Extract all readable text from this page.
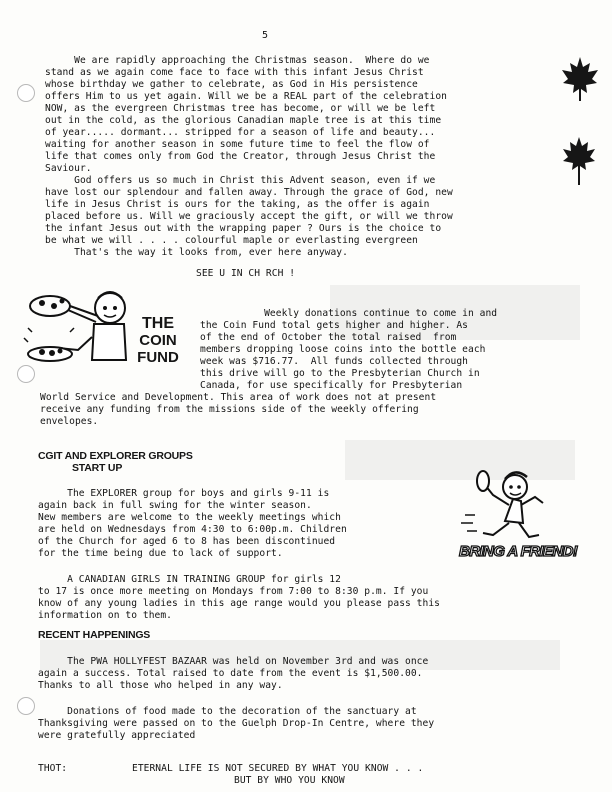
5
We are rapidly approaching the Christmas season.  Where do we
stand as we again come face to face with this infant Jesus Christ
whose birthday we gather to celebrate, as God in His persistence
offers Him to us yet again. Will we be a REAL part of the celebration
NOW, as the evergreen Christmas tree has become, or will we be left
out in the cold, as the glorious Canadian maple tree is at this time
of year..... dormant... stripped for a season of life and beauty...
waiting for another season in some future time to feel the flow of
life that comes only from God the Creator, through Jesus Christ the
Saviour.
God offers us so much in Christ this Advent season, even if we
have lost our splendour and fallen away. Through the grace of God, new
life in Jesus Christ is ours for the taking, as the offer is again
placed before us. Will we graciously accept the gift, or will we throw
the infant Jesus out with the wrapping paper ? Ours is the choice to
be what we will . . . . colourful maple or everlasting evergreen
That's the way it looks from, ever here anyway.
SEE U IN CH RCH !
THE
COIN
FUND
Weekly donations continue to come in and
the Coin Fund total gets higher and higher. As
of the end of October the total raised  from
members dropping loose coins into the bottle each
week was $716.77.  All funds collected through
this drive will go to the Presbyterian Church in
Canada, for use specifically for Presbyterian
World Service and Development. This area of work does not at present
receive any funding from the missions side of the weekly offering
envelopes.
CGIT AND EXPLORER GROUPS
START UP
The EXPLORER group for boys and girls 9-11 is
again back in full swing for the winter season.
New members are welcome to the weekly meetings which
are held on Wednesdays from 4:30 to 6:00p.m. Children
of the Church for aged 6 to 8 has been discontinued
for the time being due to lack of support.	BRING A FRIEND!
A CANADIAN GIRLS IN TRAINING GROUP for girls 12
to 17 is once more meeting on Mondays from 7:00 to 8:30 p.m. If you
know of any young ladies in this age range would you please pass this
information on to them.
RECENT HAPPENINGS
The PWA HOLLYFEST BAZAAR was held on November 3rd and was once
again a success. Total raised to date from the event is $1,500.00.
Thanks to all those who helped in any way.
Donations of food made to the decoration of the sanctuary at
Thanksgiving were passed on to the Guelph Drop-In Centre, where they
were gratefully appreciated
THOT:	ETERNAL LIFE IS NOT SECURED BY WHAT YOU KNOW . . .
BUT BY WHO YOU KNOW
